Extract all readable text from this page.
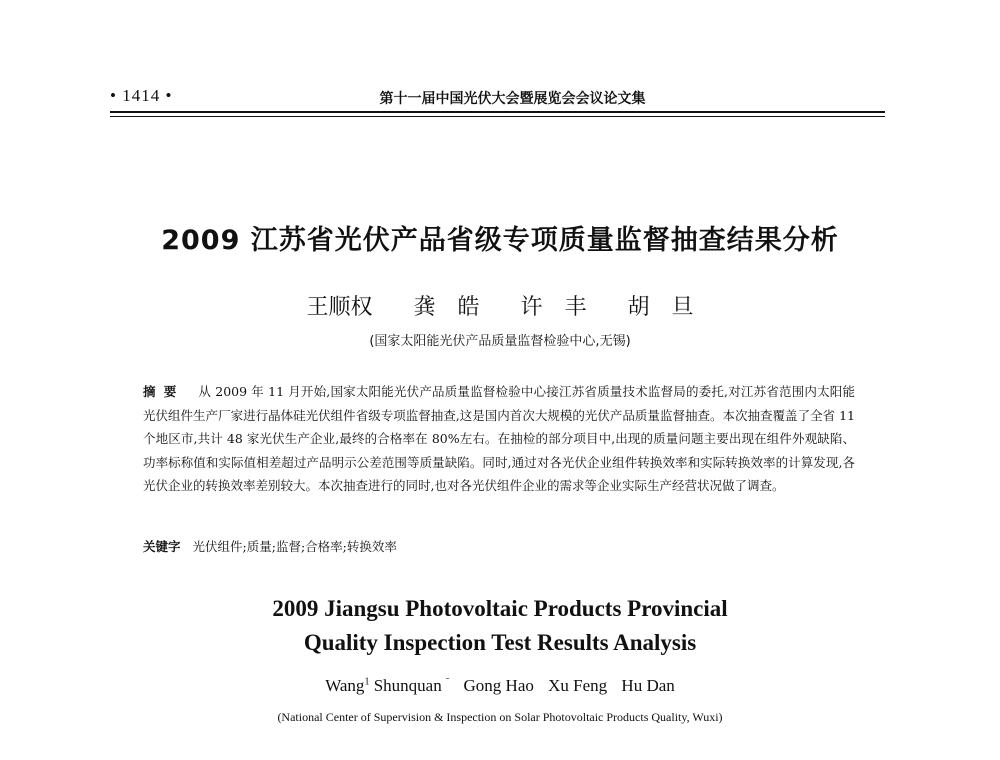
• 1414 •	第十一届中国光伏大会暨展览会会议论文集
2009 江苏省光伏产品省级专项质量监督抽查结果分析
王顺权 龚　皓 许　丰 胡　旦
(国家太阳能光伏产品质量监督检验中心,无锡)
摘要 从 2009 年 11 月开始,国家太阳能光伏产品质量监督检验中心接江苏省质量技术监督局的委托,对江苏省范围内太阳能光伏组件生产厂家进行晶体硅光伏组件省级专项监督抽查,这是国内首次大规模的光伏产品质量监督抽查。本次抽查覆盖了全省 11 个地区市,共计 48 家光伏生产企业,最终的合格率在 80%左右。在抽检的部分项目中,出现的质量问题主要出现在组件外观缺陷、功率标称值和实际值相差超过产品明示公差范围等质量缺陷。同时,通过对各光伏企业组件转换效率和实际转换效率的计算发现,各光伏企业的转换效率差别较大。本次抽查进行的同时,也对各光伏组件企业的需求等企业实际生产经营状况做了调查。
关键字 光伏组件;质量;监督;合格率;转换效率
2009 Jiangsu Photovoltaic Products Provincial
Quality Inspection Test Results Analysis
Wang$^1$ Shunquan $^ˉ$ Gong Hao Xu Feng Hu Dan
(National Center of Supervision & Inspection on Solar Photovoltaic Products Quality, Wuxi)
